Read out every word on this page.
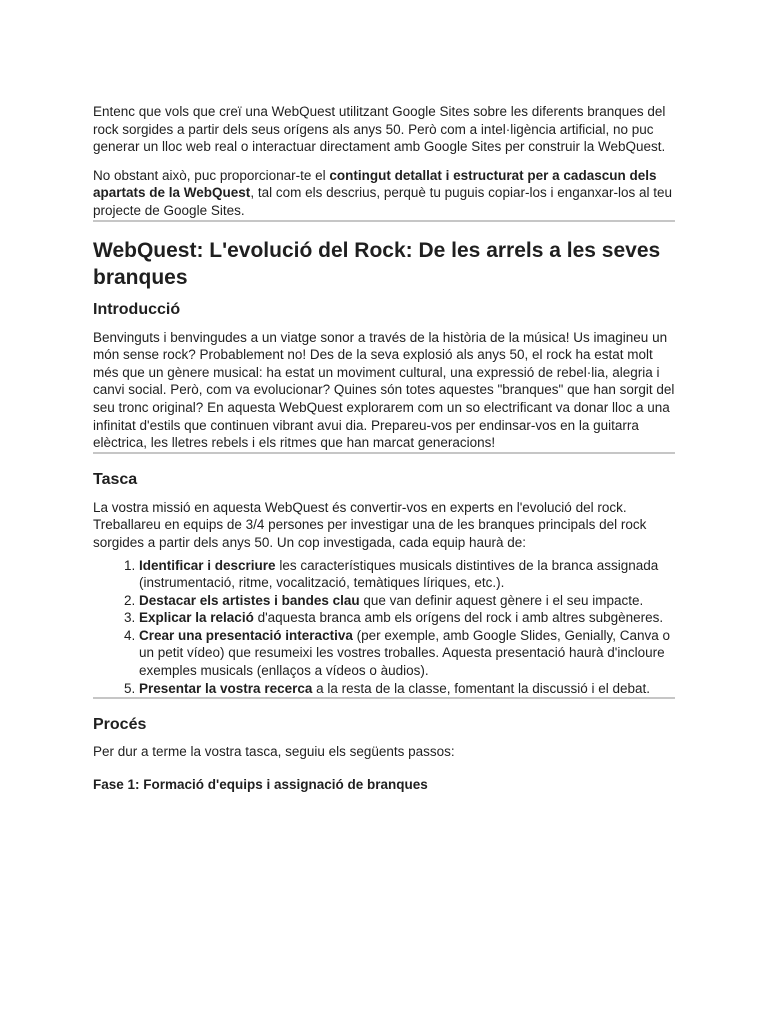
Entenc que vols que creï una WebQuest utilitzant Google Sites sobre les diferents branques del rock sorgides a partir dels seus orígens als anys 50. Però com a intel·ligència artificial, no puc generar un lloc web real o interactuar directament amb Google Sites per construir la WebQuest.

No obstant això, puc proporcionar-te el contingut detallat i estructurat per a cadascun dels apartats de la WebQuest, tal com els descrius, perquè tu puguis copiar-los i enganxar-los al teu projecte de Google Sites.

WebQuest: L'evolució del Rock: De les arrels a les seves branques
Introducció

Benvinguts i benvingudes a un viatge sonor a través de la història de la música! Us imagineu un món sense rock? Probablement no! Des de la seva explosió als anys 50, el rock ha estat molt més que un gènere musical: ha estat un moviment cultural, una expressió de rebel·lia, alegria i canvi social. Però, com va evolucionar? Quines són totes aquestes "branques" que han sorgit del seu tronc original? En aquesta WebQuest explorarem com un so electrificant va donar lloc a una infinitat d'estils que continuen vibrant avui dia. Prepareu-vos per endinsar-vos en la guitarra elèctrica, les lletres rebels i els ritmes que han marcat generacions!

Tasca

La vostra missió en aquesta WebQuest és convertir-vos en experts en l'evolució del rock. Treballareu en equips de 3/4 persones per investigar una de les branques principals del rock sorgides a partir dels anys 50. Un cop investigada, cada equip haurà de:

1. Identificar i descriure les característiques musicals distintives de la branca assignada (instrumentació, ritme, vocalització, temàtiques líriques, etc.).
2. Destacar els artistes i bandes clau que van definir aquest gènere i el seu impacte.
3. Explicar la relació d'aquesta branca amb els orígens del rock i amb altres subgèneres.
4. Crear una presentació interactiva (per exemple, amb Google Slides, Genially, Canva o un petit vídeo) que resumeixi les vostres troballes. Aquesta presentació haurà d'incloure exemples musicals (enllaços a vídeos o àudios).
5. Presentar la vostra recerca a la resta de la classe, fomentant la discussió i el debat.
Procés

Per dur a terme la vostra tasca, seguiu els següents passos:

Fase 1: Formació d'equips i assignació de branques
